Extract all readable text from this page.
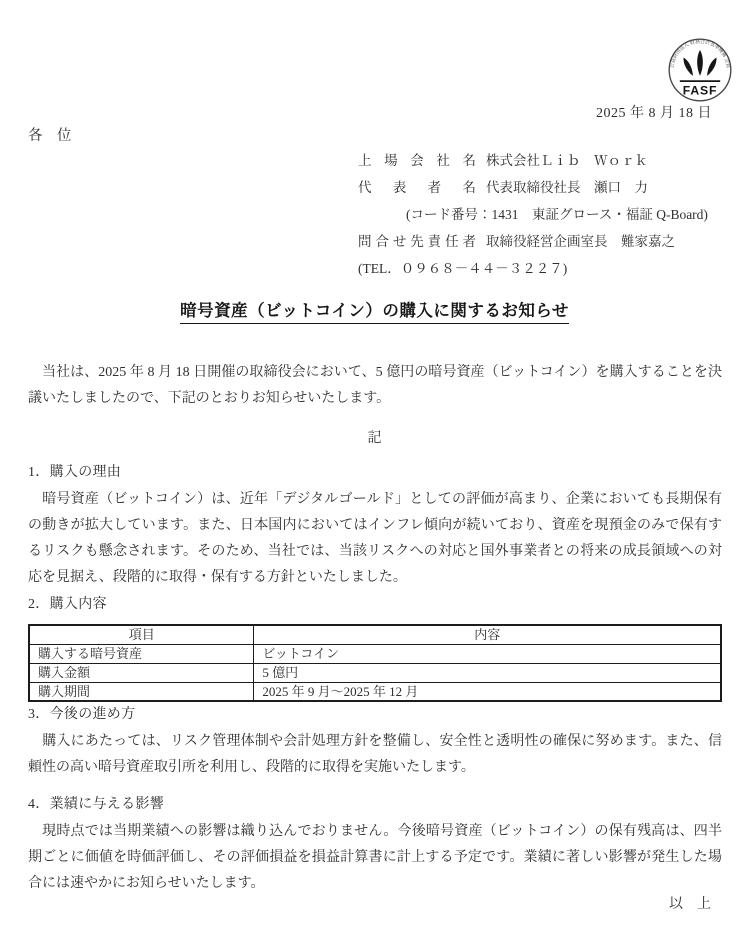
公益財団法人 財務会計基準機構 会員
FASF
2025 年 8 月 18 日
各　位
上場会社名 株式会社Ｌｉｂ　Ｗｏｒｋ
代表者名 代表取締役社長　瀬口　力
(コード番号：1431　東証グロース・福証 Q-Board)
問合せ先責任者 取締役経営企画室長　難家嘉之
(TEL．０９６８－４４－３２２７)
暗号資産（ビットコイン）の購入に関するお知らせ
　当社は、2025 年 8 月 18 日開催の取締役会において、5 億円の暗号資産（ビットコイン）を購入することを決議いたしましたので、下記のとおりお知らせいたします。
記
1．購入の理由
　暗号資産（ビットコイン）は、近年「デジタルゴールド」としての評価が高まり、企業においても長期保有の動きが拡大しています。また、日本国内においてはインフレ傾向が続いており、資産を現預金のみで保有するリスクも懸念されます。そのため、当社では、当該リスクへの対応と国外事業者との将来の成長領域への対応を見据え、段階的に取得・保有する方針といたしました。
2．購入内容
項目	内容
購入する暗号資産	ビットコイン
購入金額	5 億円
購入期間	2025 年 9 月～2025 年 12 月
3．今後の進め方
　購入にあたっては、リスク管理体制や会計処理方針を整備し、安全性と透明性の確保に努めます。また、信頼性の高い暗号資産取引所を利用し、段階的に取得を実施いたします。
4．業績に与える影響
　現時点では当期業績への影響は織り込んでおりません。今後暗号資産（ビットコイン）の保有残高は、四半期ごとに価値を時価評価し、その評価損益を損益計算書に計上する予定です。業績に著しい影響が発生した場合には速やかにお知らせいたします。
以　上
